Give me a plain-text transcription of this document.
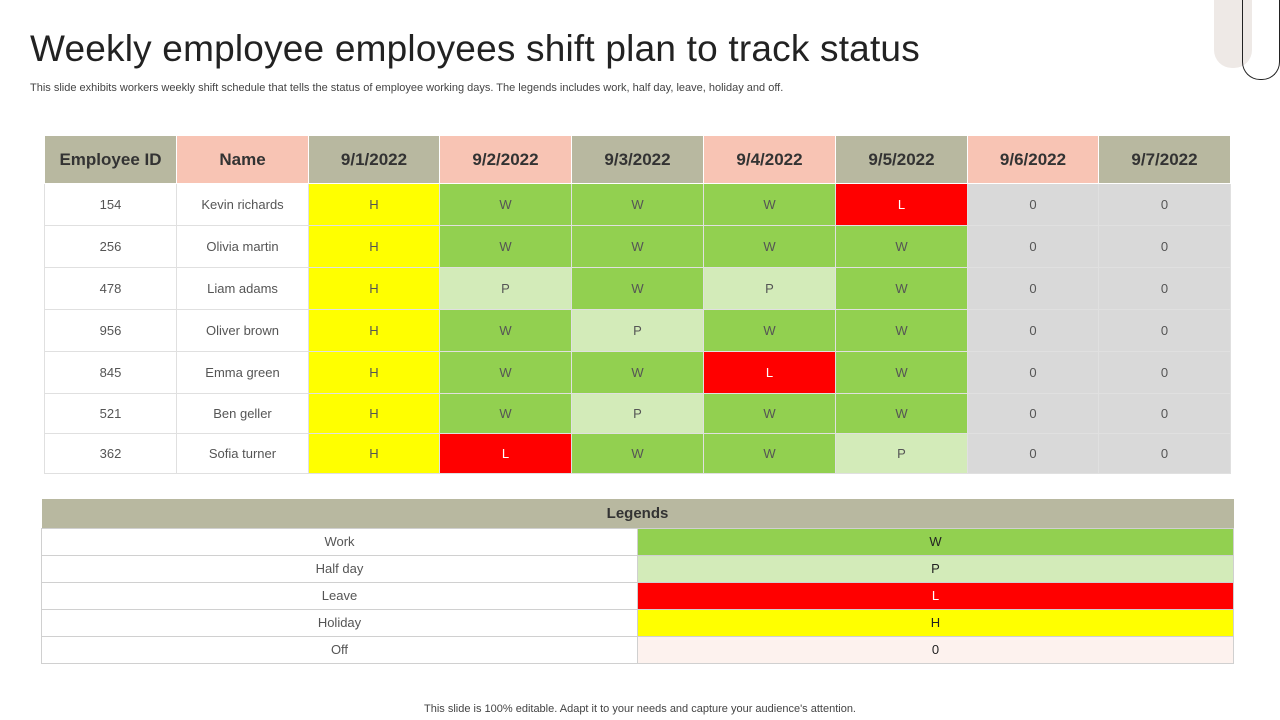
Weekly employee employees shift plan to track status

This slide exhibits workers weekly shift schedule that tells the status of employee working days. The legends includes work, half day, leave, holiday and off.

Employee ID	Name	9/1/2022	9/2/2022	9/3/2022	9/4/2022	9/5/2022	9/6/2022	9/7/2022
154	Kevin richards	H	W	W	W	L	0	0
256	Olivia martin	H	W	W	W	W	0	0
478	Liam adams	H	P	W	P	W	0	0
956	Oliver brown	H	W	P	W	W	0	0
845	Emma green	H	W	W	L	W	0	0
521	Ben geller	H	W	P	W	W	0	0
362	Sofia turner	H	L	W	W	P	0	0
Legends	
Work	W
Half day	P
Leave	L
Holiday	H
Off	0
This slide is 100% editable. Adapt it to your needs and capture your audience's attention.
